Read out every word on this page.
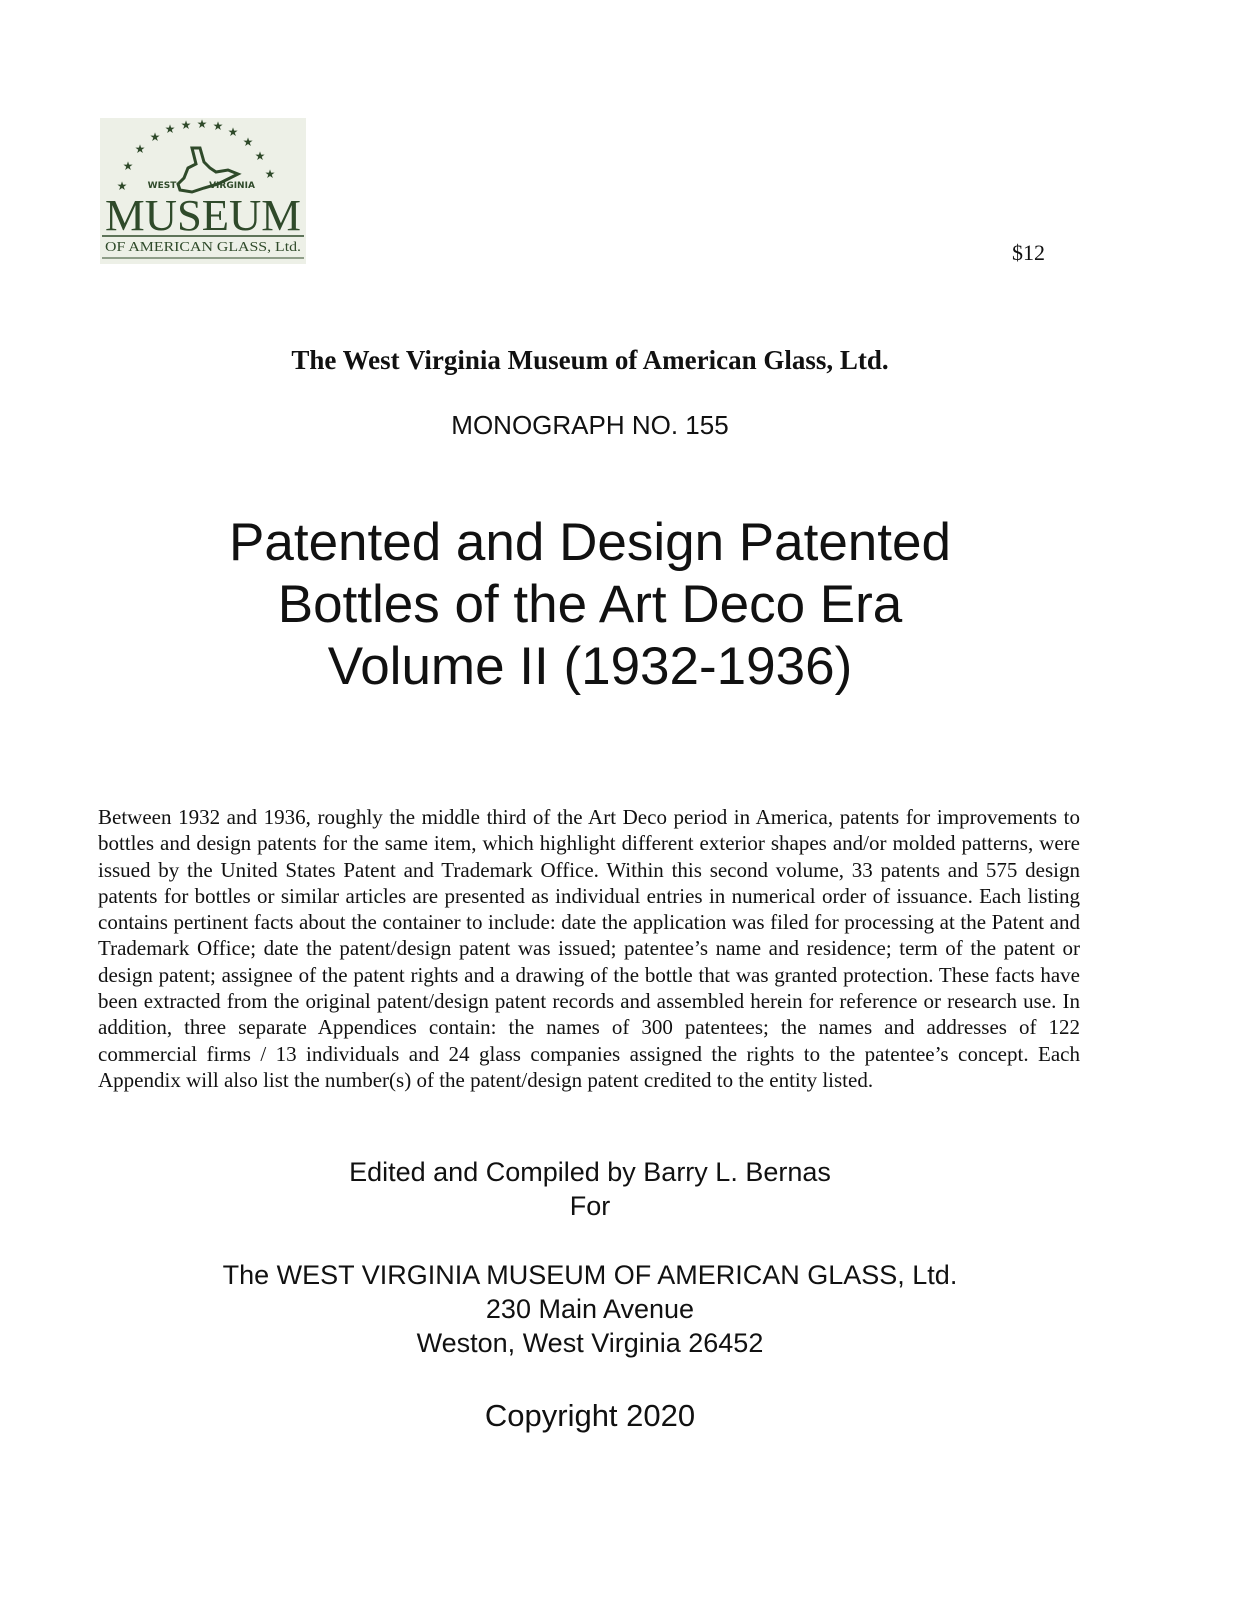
★
★
★
★
★ ★ ★ ★ ★
★
★
★
WEST	VIRGINIA
MUSEUM
OF AMERICAN GLASS, Ltd.	$12
The West Virginia Museum of American Glass, Ltd.
MONOGRAPH NO. 155
Patented and Design Patented
Bottles of the Art Deco Era
Volume II (1932-1936)

Between 1932 and 1936, roughly the middle third of the Art Deco period in America, patents for improvements to bottles and design patents for the same item, which highlight different exterior shapes and/or molded patterns, were issued by the United States Patent and Trademark Office. Within this second volume, 33 patents and 575 design patents for bottles or similar articles are presented as individual entries in numerical order of issuance. Each listing contains pertinent facts about the container to include: date the application was filed for processing at the Patent and Trademark Office; date the patent/design patent was issued; patentee’s name and residence; term of the patent or design patent; assignee of the patent rights and a drawing of the bottle that was granted protection. These facts have been extracted from the original patent/design patent records and assembled herein for reference or research use. In addition, three separate Appendices contain: the names of 300 patentees; the names and addresses of 122 commercial firms / 13 individuals and 24 glass companies assigned the rights to the patentee’s concept. Each Appendix will also list the number(s) of the patent/design patent credited to the entity listed.

Edited and Compiled by Barry L. Bernas
For
The WEST VIRGINIA MUSEUM OF AMERICAN GLASS, Ltd.
230 Main Avenue
Weston, West Virginia 26452
Copyright 2020
